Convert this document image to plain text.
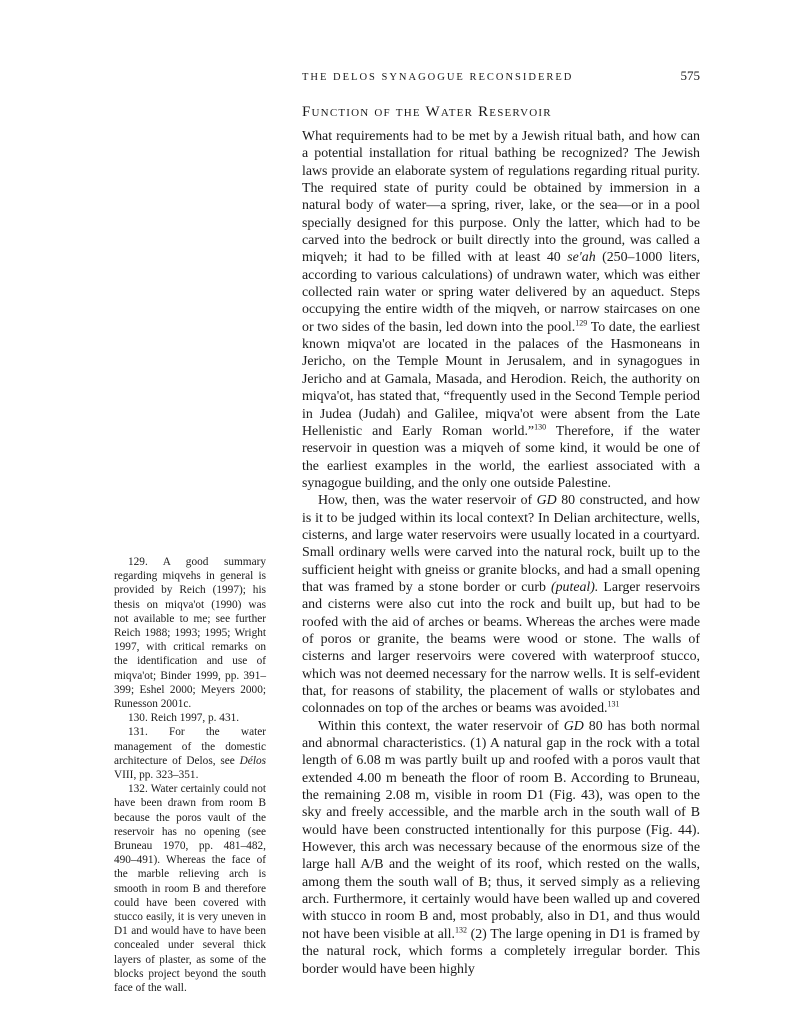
THE DELOS SYNAGOGUE RECONSIDERED	575
Function of the Water Reservoir

What requirements had to be met by a Jewish ritual bath, and how can a potential installation for ritual bathing be recognized? The Jewish laws provide an elaborate system of regulations regarding ritual purity. The required state of purity could be obtained by immersion in a natural body of water—a spring, river, lake, or the sea—or in a pool specially designed for this purpose. Only the latter, which had to be carved into the bedrock or built directly into the ground, was called a miqveh; it had to be filled with at least 40 se'ah (250–1000 liters, according to various calculations) of undrawn water, which was either collected rain water or spring water delivered by an aqueduct. Steps occupying the entire width of the miqveh, or narrow staircases on one or two sides of the basin, led down into the pool.$^{129}$ To date, the earliest known miqva'ot are located in the palaces of the Hasmoneans in Jericho, on the Temple Mount in Jerusalem, and in synagogues in Jericho and at Gamala, Masada, and Herodion. Reich, the authority on miqva'ot, has stated that, “frequently used in the Second Temple period in Judea (Judah) and Galilee, miqva'ot were absent from the Late Hellenistic and Early Roman world.”$^{130}$ Therefore, if the water reservoir in question was a miqveh of some kind, it would be one of the earliest examples in the world, the earliest associated with a synagogue building, and the only one outside Palestine.

How, then, was the water reservoir of GD 80 constructed, and how is it to be judged within its local context? In Delian architecture, wells, cisterns, and large water reservoirs were usually located in a courtyard. Small ordinary wells were carved into the natural rock, built up to the sufficient height with gneiss or granite blocks, and had a small opening that was framed by a stone border or curb (puteal). Larger reservoirs and cisterns were also cut into the rock and built up, but had to be roofed with the aid of arches or beams. Whereas the arches were made of poros or granite, the beams were wood or stone. The walls of cisterns and larger reservoirs were covered with waterproof stucco, which was not deemed necessary for the narrow wells. It is self-evident that, for reasons of stability, the placement of walls or stylobates and colonnades on top of the arches or beams was avoided.$^{131}$

Within this context, the water reservoir of GD 80 has both normal and abnormal characteristics. (1) A natural gap in the rock with a total length of 6.08 m was partly built up and roofed with a poros vault that extended 4.00 m beneath the floor of room B. According to Bruneau, the remaining 2.08 m, visible in room D1 (Fig. 43), was open to the sky and freely accessible, and the marble arch in the south wall of B would have been constructed intentionally for this purpose (Fig. 44). However, this arch was necessary because of the enormous size of the large hall A/B and the weight of its roof, which rested on the walls, among them the south wall of B; thus, it served simply as a relieving arch. Furthermore, it certainly would have been walled up and covered with stucco in room B and, most probably, also in D1, and thus would not have been visible at all.$^{132}$ (2) The large opening in D1 is framed by the natural rock, which forms a completely irregular border. This border would have been highly

129. A good summary regarding miqvehs in general is provided by Reich (1997); his thesis on miqva'ot (1990) was not available to me; see further Reich 1988; 1993; 1995; Wright 1997, with critical remarks on the identification and use of miqva'ot; Binder 1999, pp. 391–399; Eshel 2000; Meyers 2000; Runesson 2001c.

130. Reich 1997, p. 431.

131. For the water management of the domestic architecture of Delos, see Délos VIII, pp. 323–351.

132. Water certainly could not have been drawn from room B because the poros vault of the reservoir has no opening (see Bruneau 1970, pp. 481–482, 490–491). Whereas the face of the marble relieving arch is smooth in room B and therefore could have been covered with stucco easily, it is very uneven in D1 and would have to have been concealed under several thick layers of plaster, as some of the blocks project beyond the south face of the wall.
